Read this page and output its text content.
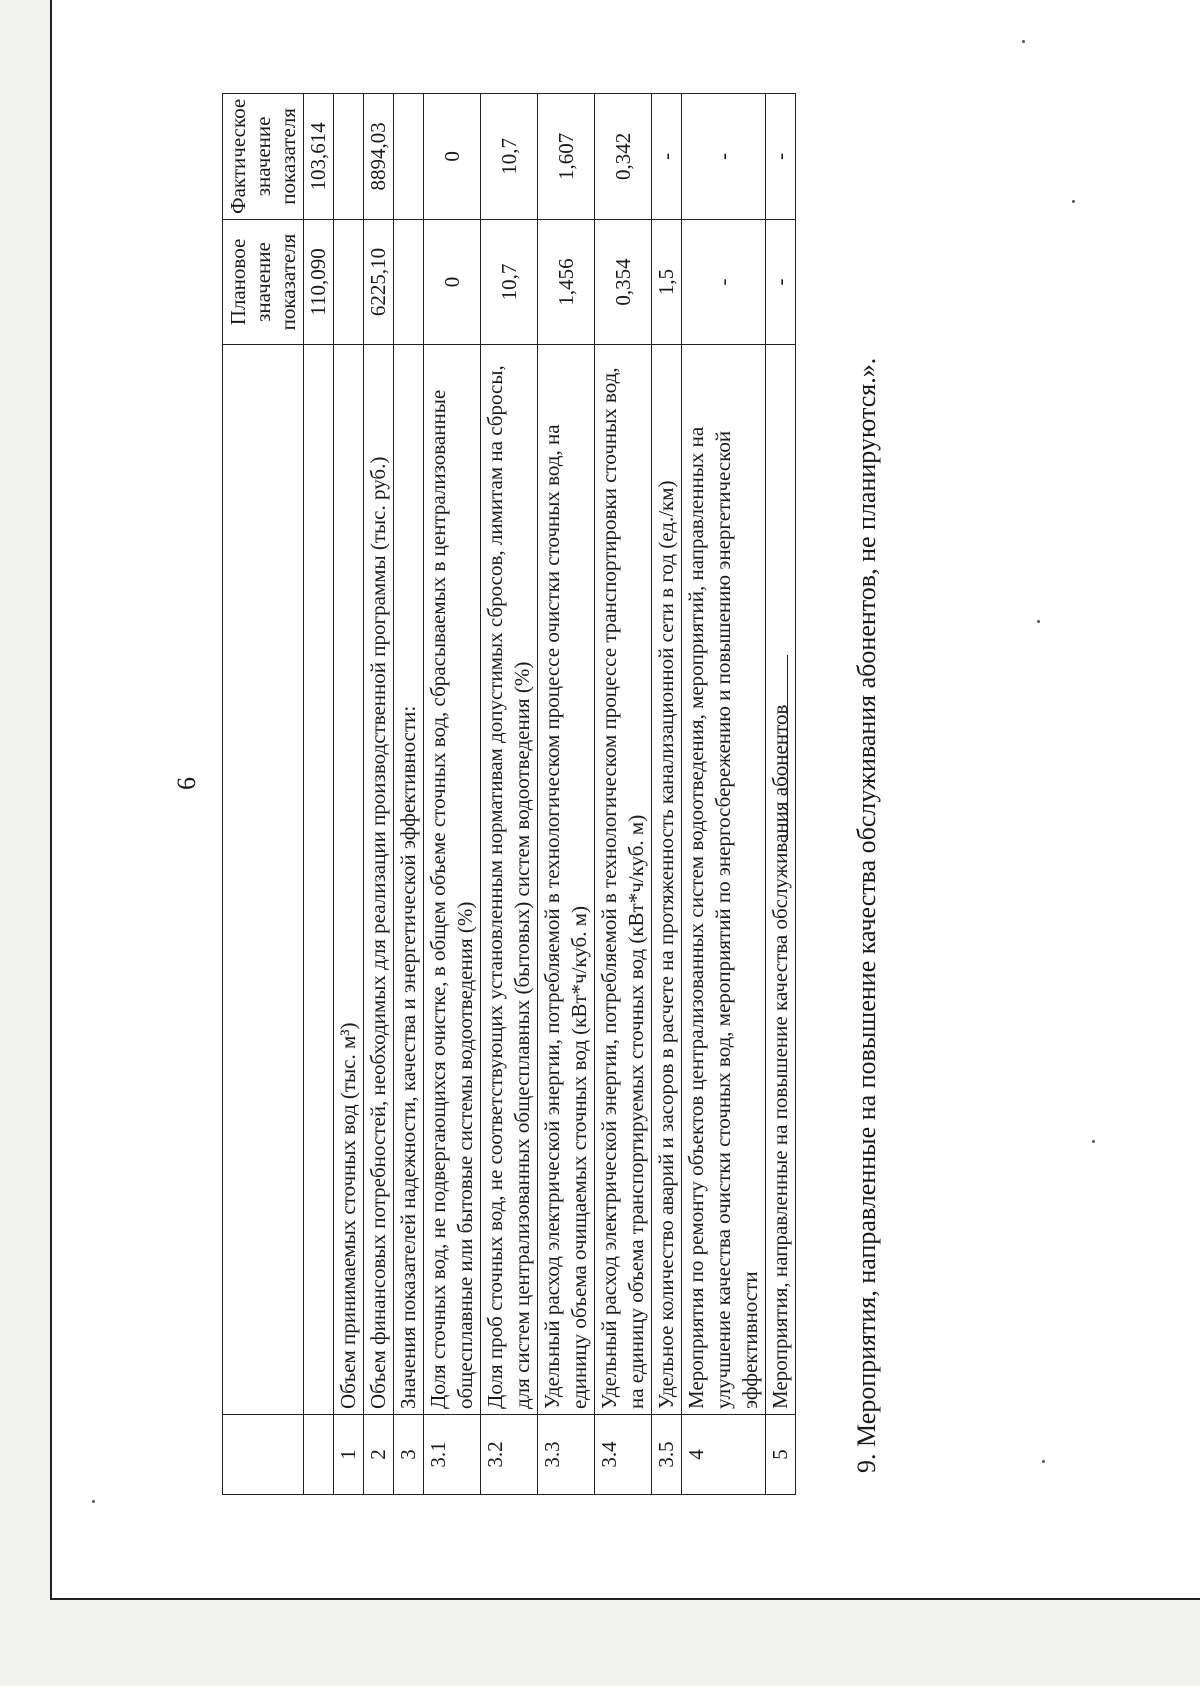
6
		Плановое значение показателя	Фактическое значение показателя
		110,090	103,614
1	Объем принимаемых сточных вод (тыс. м³)		
2	Объем финансовых потребностей, необходимых для реализации производственной программы (тыс. руб.)	6225,10	8894,03
3	Значения показателей надежности, качества и энергетической эффективности:		
3.1	Доля сточных вод, не подвергающихся очистке, в общем объеме сточных вод, сбрасываемых в централизованные общесплавные или бытовые системы водоотведения (%)	0	0
3.2	Доля проб сточных вод, не соответствующих установленным нормативам допустимых сбросов, лимитам на сбросы, для систем централизованных общесплавных (бытовых) систем водоотведения (%)	10,7	10,7
3.3	Удельный расход электрической энергии, потребляемой в технологическом процессе очистки сточных вод, на единицу объема очищаемых сточных вод (кВт*ч/куб. м)	1,456	1,607
3.4	Удельный расход электрической энергии, потребляемой в технологическом процессе транспортировки сточных вод, на единицу объема транспортируемых сточных вод (кВт*ч/куб. м)	0,354	0,342
3.5	Удельное количество аварий и засоров в расчете на протяженность канализационной сети в год (ед./км)	1,5	-
4	Мероприятия по ремонту объектов централизованных систем водоотведения, мероприятий, направленных на улучшение качества очистки сточных вод, мероприятий по энергосбережению и повышению энергетической эффективности	-	-
5	Мероприятия, направленные на повышение качества обслуживания абонентов	-	-
9. Мероприятия, направленные на повышение качества обслуживания абонентов, не планируются.».
